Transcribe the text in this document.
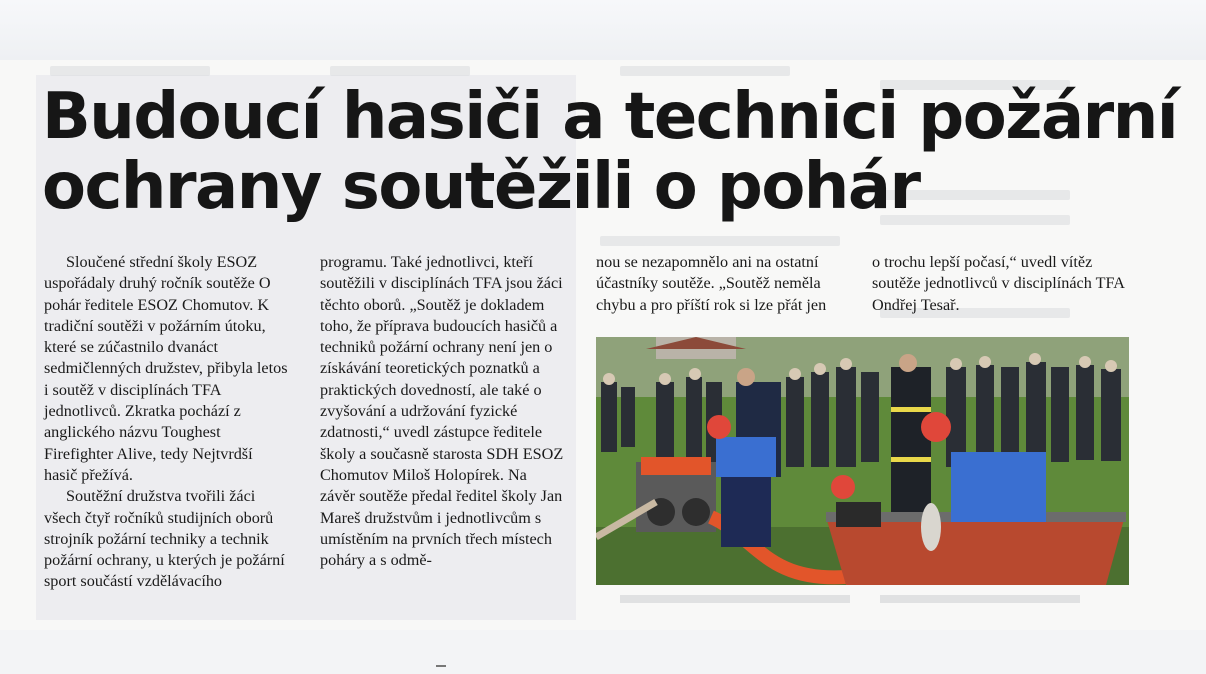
Budoucí hasiči a technici požární
ochrany soutěžili o pohár

Sloučené střední školy ESOZ uspořádaly druhý ročník soutěže O pohár ředitele ESOZ Chomutov. K tradiční soutěži v požárním útoku, které se zúčastnilo dvanáct sedmičlenných družstev, přibyla letos i soutěž v disciplínách TFA jednotlivců. Zkratka pochází z anglického názvu Toughest Firefighter Alive, tedy Nejtvrdší hasič přežívá.

Soutěžní družstva tvořili žáci všech čtyř ročníků studijních oborů strojník požární techniky a technik požární ochrany, u kterých je požární sport součástí vzdělávacího

programu. Také jednotlivci, kteří soutěžili v disciplínách TFA jsou žáci těchto oborů. „Soutěž je dokladem toho, že příprava budoucích hasičů a techniků požární ochrany není jen o získávání teoretických poznatků a praktických dovedností, ale také o zvyšování a udržování fyzické zdatnosti,“ uvedl zástupce ředitele školy a současně starosta SDH ESOZ Chomutov Miloš Holopírek. Na závěr soutěže předal ředitel školy Jan Mareš družstvům i jednotlivcům s umístěním na prvních třech místech poháry a s odmě-

nou se nezapomnělo ani na ostatní účastníky soutěže. „Soutěž neměla chybu a pro příští rok si lze přát jen

o trochu lepší počasí,“ uvedl vítěz soutěže jednotlivců v disciplínách TFA Ondřej Tesař.
